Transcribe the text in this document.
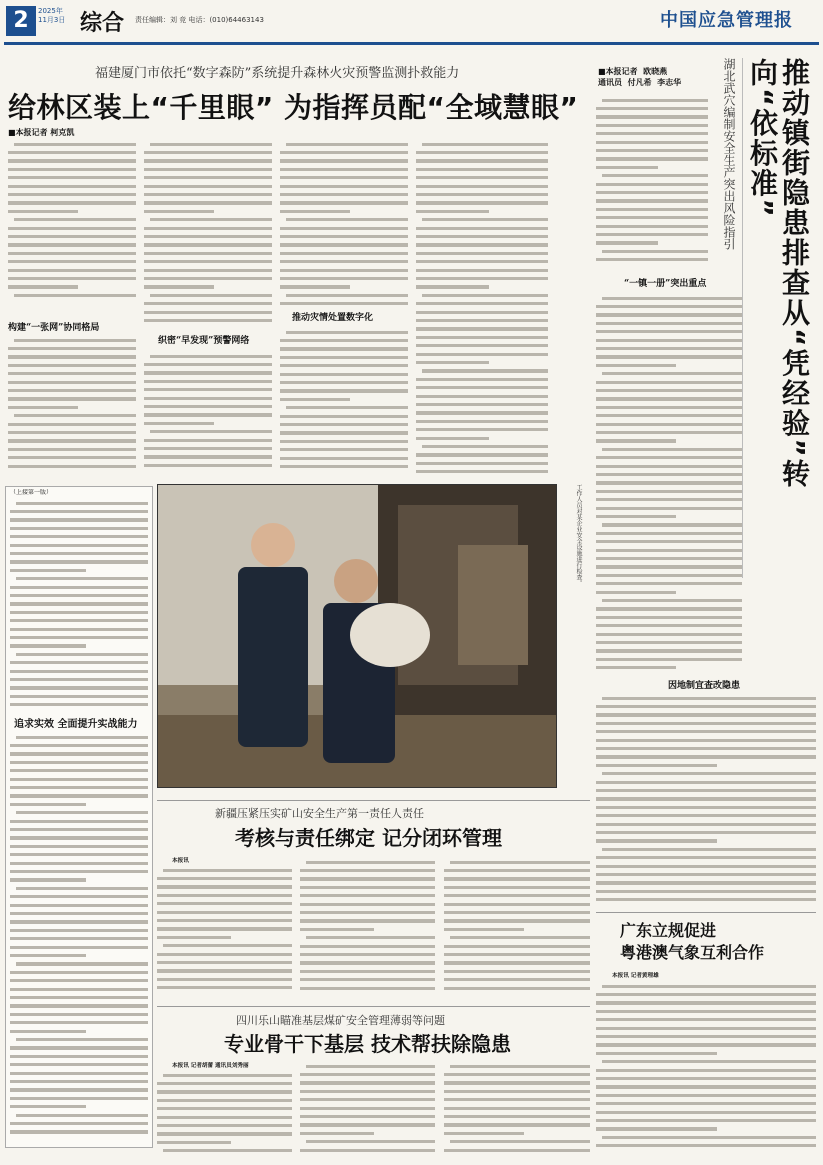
2	2025年
11月3日 综合 责任编辑：刘 竞 电话：(010)64463143	中国应急管理报
福建厦门市依托“数字森防”系统提升森林火灾预警监测扑救能力
给林区装上“千里眼” 为指挥员配“全域慧眼”
■本报记者 柯克凯
构建“一张网”协同格局
织密“早发现”预警网络
推动灾情处置数字化
■本报记者  欧晓燕
通讯员  付凡希  李志华	湖北武穴编制安全生产突出风险指引	推动镇街隐患排查从“凭经验”转向“依标准”
“一镇一册”突出重点
因地制宜查改隐患
（上接第一版）
追求实效 全面提升实战能力
工作人员对某企业安全设施进行检查。
新疆压紧压实矿山安全生产第一责任人责任
考核与责任绑定 记分闭环管理
本报讯
四川乐山瞄准基层煤矿安全管理薄弱等问题
专业骨干下基层 技术帮扶除隐患
本报讯 记者胡蕾 通讯员刘秀丽
广东立规促进
粤港澳气象互利合作
本报讯 记者黄理雄
